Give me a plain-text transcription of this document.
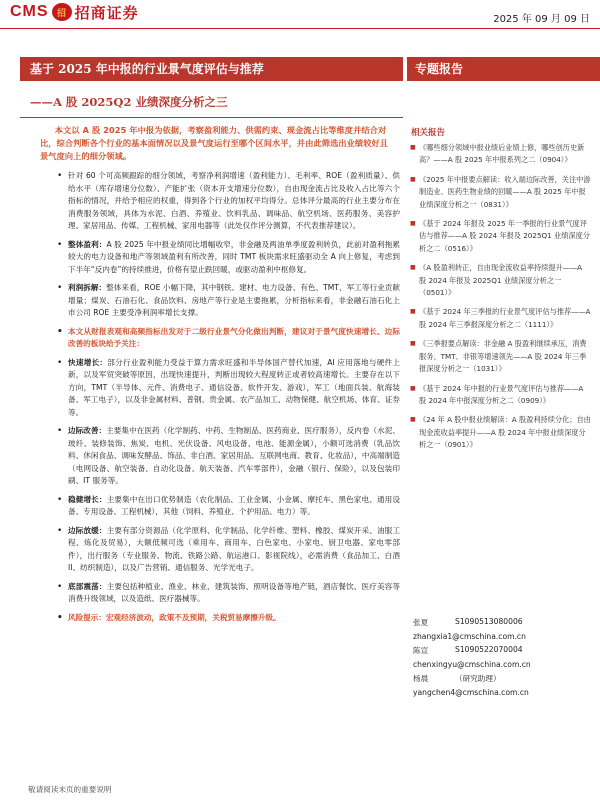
CMS 招 招商证券	2025 年 09 月 09 日
基于 2025 年中报的行业景气度评估与推荐
——A 股 2025Q2 业绩深度分析之三
专题报告
本文以 A 股 2025 年中报为依据，考察盈利能力、供需约束、现金流占比等维度并结合对比，综合判断各个行业的基本面情况以及景气度运行至哪个区间水平，并由此筛选出业绩较好且景气度向上的细分领域。
• 针对 60 个可高频跟踪的细分领域，考察净利润增速（盈利能力）、毛利率、ROE（盈利质量）、供给水平（库存增速分位数）、产能扩张（资本开支增速分位数），自由现金流占比及收入占比等六个指标的情况，并给予相应的权重，得到各个行业的加权平均得分。总体评分最高的行业主要分布在消费服务领域，具体为水泥、白酒、养殖业、饮料乳品、调味品、航空机场、医药服务、美容护理、家居用品、传媒、工程机械、家用电器等（此处仅作评分测算，不代表推荐建议）。
• 整体盈利：A 股 2025 年中报业绩同比增幅收窄，非金融及两油单季度盈利转负，此前对盈利拖累较大的电力设备和地产等领域盈利有所改善，同时 TMT 板块需求旺盛驱动全 A 向上修复，考虑到下半年“反内卷”的持续推进，价格有望止跌回暖，或驱动盈利中枢修复。
• 利润拆解：整体来看，ROE 小幅下降，其中钢铁、建材、电力设备、有色、TMT、军工等行业贡献增量；煤炭、石油石化、食品饮料、房地产等行业是主要拖累，分析指标来看，非金融石油石化上市公司 ROE 主要受净利润率增长支撑。
• 本文从财报表观和高频指标出发对于二级行业景气分化做出判断，建议对于景气度快速增长、边际改善的板块给予关注：
• 快速增长：部分行业盈利能力受益于算力需求旺盛和半导体国产替代加速，AI 应用落地与硬件上新，以及军贸突破等原因，出现快速提升，判断出现较大程度转正或者较高速增长。主要存在以下方向，TMT（半导体、元件、消费电子、通信设备、软件开发、游戏），军工（地面兵装、航海装备、军工电子），以及非金属材料、普钢、贵金属、农产品加工、动物保健、航空机场、体育、证券等。
• 边际改善：主要集中在医药（化学制药、中药、生物制品、医药商业、医疗服务），反内卷（水泥、玻纤、装修装饰、焦炭、电机、光伏设备、风电设备、电池、能源金属），小额可选消费（乳品饮料、休闲食品、调味发酵品、饰品、非白酒、家居用品、互联网电商、教育、化妆品），中高端制造（电网设备、航空装备、自动化设备、航天装备、汽车零部件），金融（银行、保险），以及包装印刷、IT 服务等。
• 稳健增长：主要集中在出口优势制造（农化制品、工业金属、小金属、摩托车、黑色家电、通用设备、专用设备、工程机械），其他（饲料、养殖业、个护用品、电力）等。
• 边际放缓：主要有部分资源品（化学原料、化学制品、化学纤维、塑料、橡胶、煤炭开采、油服工程、炼化及贸易），大额低频可选（乘用车、商用车、白色家电、小家电、厨卫电器、家电零部件），出行服务（专业服务、物流、铁路公路、航运港口、影视院线），必需消费（食品加工、白酒 II、纺织制造），以及广告营销、通信服务、光学光电子。
• 底部震荡：主要包括种植业、渔业、林业、建筑装饰、照明设备等地产链，酒店餐饮、医疗美容等消费升级领域，以及造纸、医疗器械等。
• 风险提示：宏观经济波动，政策不及预期，关税贸易摩擦升级。
相关报告
■ 《哪些细分领域中报业绩后业绩上修，哪些创历史新高？——A 股 2025 年中报系列之二（0904）》
■ 《2025 年中报要点解读：收入端边际改善，关注中游制造业、医药生物业绩的回暖——A 股 2025 年中报业绩深度分析之一（0831）》
■ 《基于 2024 年报及 2025 年一季报的行业景气度评估与推荐——A 股 2024 年报及 2025Q1 业绩深度分析之二（0516）》
■ 《A 股盈利转正，自由现金流收益率持续提升——A 股 2024 年报及 2025Q1 业绩深度分析之一（0501）》
■ 《基于 2024 年三季报的行业景气度评估与推荐——A 股 2024 年三季报深度分析之二（1111）》
■ 《三季报要点解读：非金融 A 股盈利继续承压，消费服务、TMT、非银等增速领先——A 股 2024 年三季报深度分析之一（1031）》
■ 《基于 2024 年中报的行业景气度评估与推荐——A 股 2024 年中报深度分析之二（0909）》
■ 《24 年 A 股中报业绩解读：A 股盈利持续分化；自由现金流收益率提升——A 股 2024 年中报业绩深度分析之一（0901）》
张夏	S1090513080006
zhangxia1@cmschina.com.cn
陈宣	S1090522070004
chenxingyu@cmschina.com.cn
杨晨	（研究助理）
yangchen4@cmschina.com.cn
敬请阅读末页的重要说明
